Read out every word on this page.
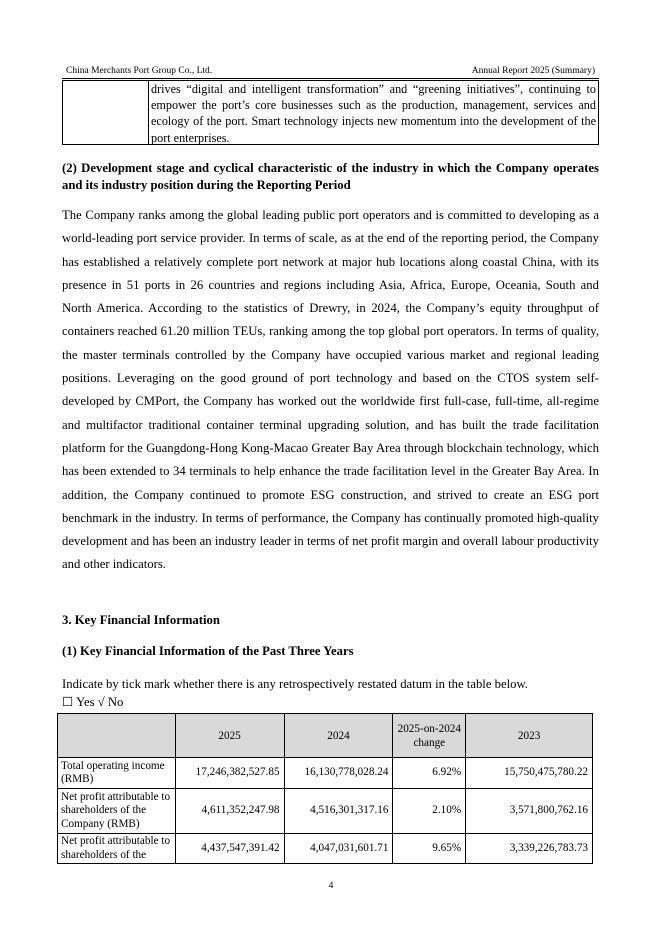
China Merchants Port Group Co., Ltd.	Annual Report 2025 (Summary)
drives “digital and intelligent transformation” and “greening initiatives”, continuing to empower the port’s core businesses such as the production, management, services and ecology of the port. Smart technology injects new momentum into the development of the port enterprises.
(2) Development stage and cyclical characteristic of the industry in which the Company operates and its industry position during the Reporting Period
The Company ranks among the global leading public port operators and is committed to developing as a world-leading port service provider. In terms of scale, as at the end of the reporting period, the Company has established a relatively complete port network at major hub locations along coastal China, with its presence in 51 ports in 26 countries and regions including Asia, Africa, Europe, Oceania, South and North America. According to the statistics of Drewry, in 2024, the Company’s equity throughput of containers reached 61.20 million TEUs, ranking among the top global port operators. In terms of quality, the master terminals controlled by the Company have occupied various market and regional leading positions. Leveraging on the good ground of port technology and based on the CTOS system self-developed by CMPort, the Company has worked out the worldwide first full-case, full-time, all-regime and multifactor traditional container terminal upgrading solution, and has built the trade facilitation platform for the Guangdong-Hong Kong-Macao Greater Bay Area through blockchain technology, which has been extended to 34 terminals to help enhance the trade facilitation level in the Greater Bay Area. In addition, the Company continued to promote ESG construction, and strived to create an ESG port benchmark in the industry. In terms of performance, the Company has continually promoted high-quality development and has been an industry leader in terms of net profit margin and overall labour productivity and other indicators.
3. Key Financial Information
(1) Key Financial Information of the Past Three Years
Indicate by tick mark whether there is any retrospectively restated datum in the table below.
☐ Yes √ No
	2025	2024	2025-on-2024 change	2023
Total operating income (RMB)	17,246,382,527.85	16,130,778,028.24	6.92%	15,750,475,780.22
Net profit attributable to shareholders of the Company (RMB)	4,611,352,247.98	4,516,301,317.16	2.10%	3,571,800,762.16

Net profit attributable to shareholders of the	4,437,547,391.42	4,047,031,601.71	9.65%	3,339,226,783.73
4
